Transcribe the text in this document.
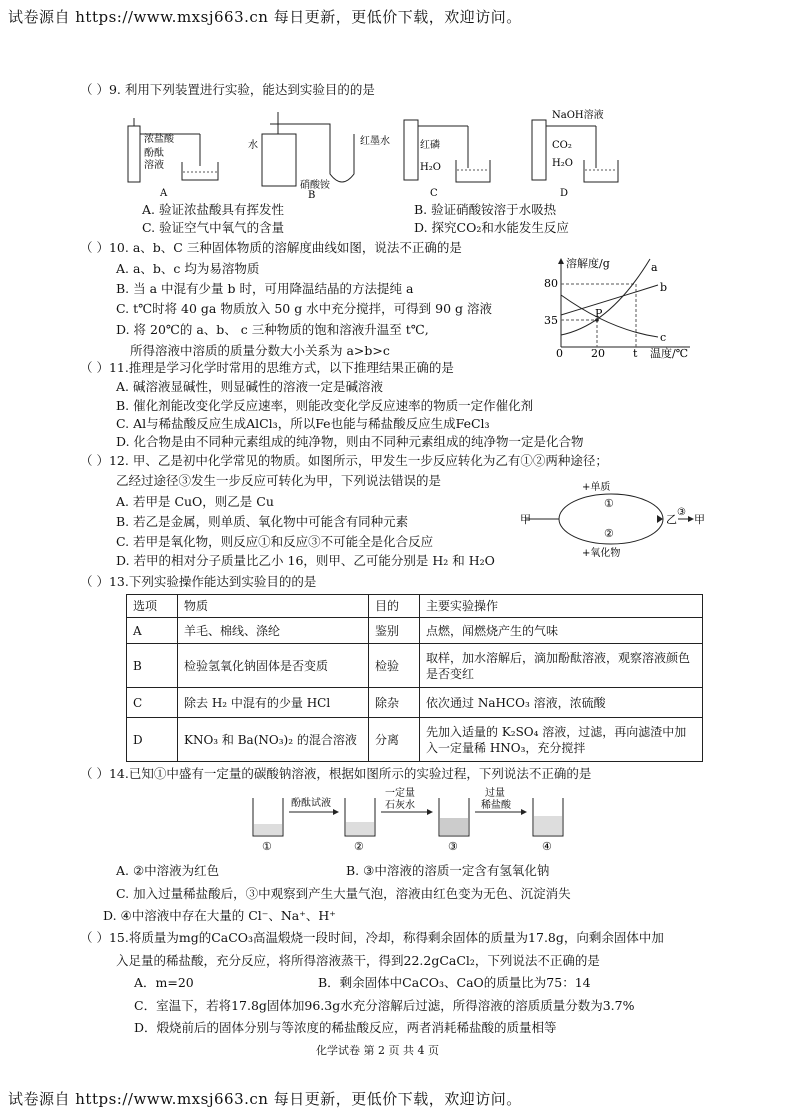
试卷源自 https://www.mxsj663.cn 每日更新，更低价下载，欢迎访问。
（ ）9. 利用下列装置进行实验，能达到实验目的的是
浓盐酸
酚酞
溶液
A
水	红墨水
硝酸铵
B
红磷
H₂O
C
NaOH溶液
CO₂
H₂O
D
A. 验证浓盐酸具有挥发性	B. 验证硝酸铵溶于水吸热
C. 验证空气中氧气的含量	D. 探究CO₂和水能发生反应
（ ）10. a、b、C 三种固体物质的溶解度曲线如图，说法不正确的是
A. a、b、c 均为易溶物质
B. 当 a 中混有少量 b 时，可用降温结晶的方法提纯 a
C. t℃时将 40 ga 物质放入 50 g 水中充分搅拌，可得到 90 g 溶液
D. 将 20℃的 a、b、 c 三种物质的饱和溶液升温至 t℃,
所得溶液中溶质的质量分数大小关系为 a>b>c
溶解度/g
80
35
0	20	t 温度/℃
P
a
b
c
（ ）11.推理是学习化学时常用的思维方式，以下推理结果正确的是
A. 碱溶液显碱性，则显碱性的溶液一定是碱溶液
B. 催化剂能改变化学反应速率，则能改变化学反应速率的物质一定作催化剂
C. Al与稀盐酸反应生成AlCl₃，所以Fe也能与稀盐酸反应生成FeCl₃
D. 化合物是由不同种元素组成的纯净物，则由不同种元素组成的纯净物一定是化合物
（ ）12. 甲、乙是初中化学常见的物质。如图所示，甲发生一步反应转化为乙有①②两种途径；
乙经过途径③发生一步反应可转化为甲，下列说法错误的是
A. 若甲是 CuO，则乙是 Cu
B. 若乙是金属，则单质、氧化物中可能含有同种元素
C. 若甲是氧化物，则反应①和反应③不可能全是化合反应
D. 若甲的相对分子质量比乙小 16，则甲、乙可能分别是 H₂ 和 H₂O
甲
+单质
①
②
+氧化物
乙
③
甲
（ ）13.下列实验操作能达到实验目的的是
选项	物质	目的	主要实验操作
A	羊毛、棉线、涤纶	鉴别	点燃，闻燃烧产生的气味
B	检验氢氧化钠固体是否变质	检验	取样，加水溶解后，滴加酚酞溶液，观察溶液颜色是否变红
C	除去 H₂ 中混有的少量 HCl	除杂	依次通过 NaHCO₃ 溶液，浓硫酸
D	KNO₃ 和 Ba(NO₃)₂ 的混合溶液	分离	先加入适量的 K₂SO₄ 溶液，过滤，再向滤渣中加入一定量稀 HNO₃，充分搅拌
（ ）14.已知①中盛有一定量的碳酸钠溶液，根据如图所示的实验过程，下列说法不正确的是
①
酚酞试液
②
一定量
石灰水
③
过量
稀盐酸
④
A. ②中溶液为红色	B. ③中溶液的溶质一定含有氢氧化钠
C. 加入过量稀盐酸后，③中观察到产生大量气泡，溶液由红色变为无色、沉淀消失
D. ④中溶液中存在大量的 Cl⁻、Na⁺、H⁺
（ ）15.将质量为mg的CaCO₃高温煅烧一段时间，冷却，称得剩余固体的质量为17.8g，向剩余固体中加
入足量的稀盐酸，充分反应，将所得溶液蒸干，得到22.2gCaCl₂，下列说法不正确的是
A．m=20	B．剩余固体中CaCO₃、CaO的质量比为75：14
C．室温下，若将17.8g固体加96.3g水充分溶解后过滤，所得溶液的溶质质量分数为3.7%
D．煅烧前后的固体分别与等浓度的稀盐酸反应，两者消耗稀盐酸的质量相等
化学试卷 第 2 页 共 4 页
试卷源自 https://www.mxsj663.cn 每日更新，更低价下载，欢迎访问。
